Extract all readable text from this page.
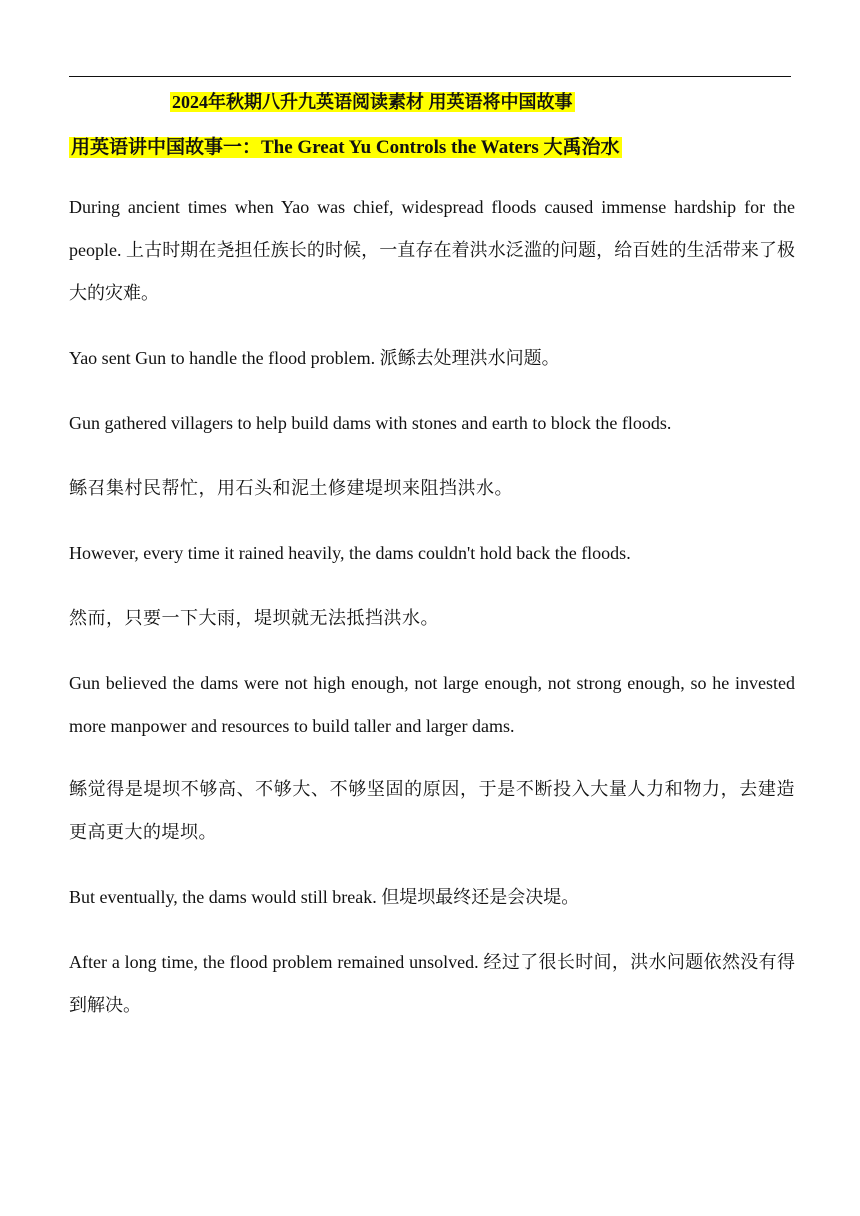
2024年秋期八升九英语阅读素材 用英语将中国故事
用英语讲中国故事一：The Great Yu Controls the Waters 大禹治水

During ancient times when Yao was chief, widespread floods caused immense hardship for the people. 上古时期在尧担任族长的时候，一直存在着洪水泛滥的问题，给百姓的生活带来了极大的灾难。

Yao sent Gun to handle the flood problem. 派鲧去处理洪水问题。

Gun gathered villagers to help build dams with stones and earth to block the floods.

鲧召集村民帮忙，用石头和泥土修建堤坝来阻挡洪水。

However, every time it rained heavily, the dams couldn't hold back the floods.

然而，只要一下大雨，堤坝就无法抵挡洪水。

Gun believed the dams were not high enough, not large enough, not strong enough, so he invested more manpower and resources to build taller and larger dams.

鲧觉得是堤坝不够高、不够大、不够坚固的原因，于是不断投入大量人力和物力，去建造更高更大的堤坝。

But eventually, the dams would still break. 但堤坝最终还是会决堤。

After a long time, the flood problem remained unsolved. 经过了很长时间，洪水问题依然没有得到解决。
